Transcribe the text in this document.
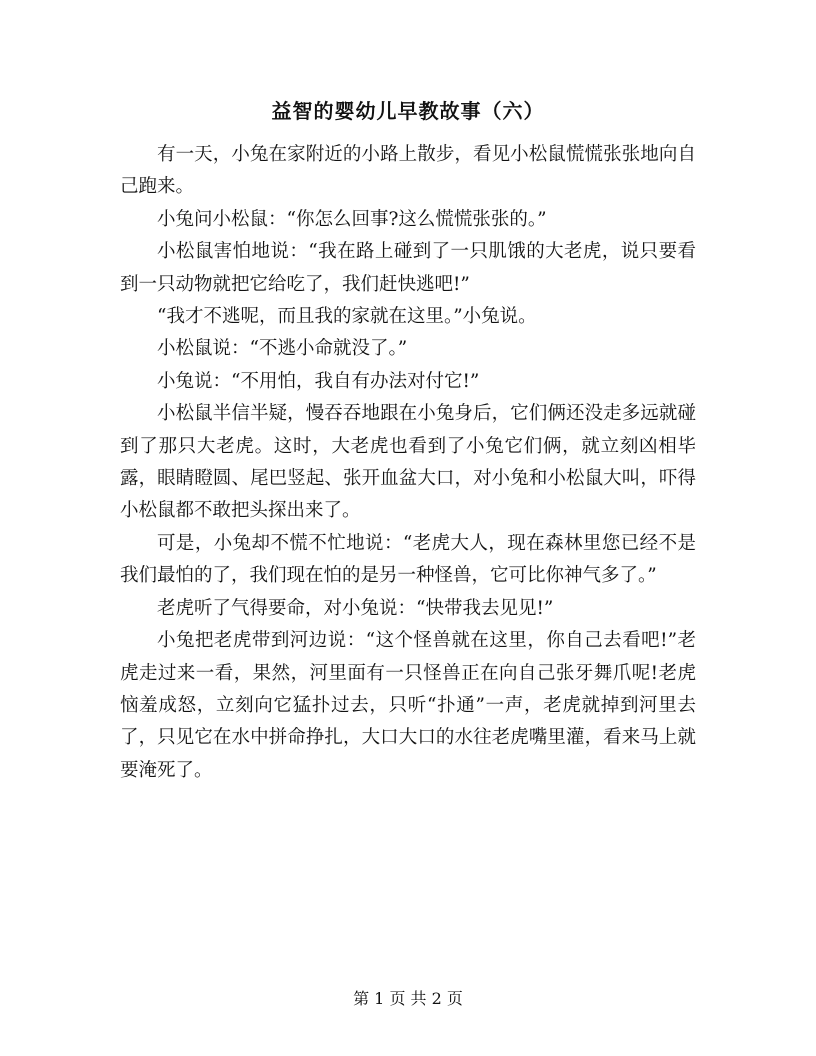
益智的婴幼儿早教故事（六）

有一天，小兔在家附近的小路上散步，看见小松鼠慌慌张张地向自己跑来。

小兔问小松鼠：“你怎么回事?这么慌慌张张的。”

小松鼠害怕地说：“我在路上碰到了一只肌饿的大老虎，说只要看到一只动物就把它给吃了，我们赶快逃吧!”

“我才不逃呢，而且我的家就在这里。”小兔说。

小松鼠说：“不逃小命就没了。”

小兔说：“不用怕，我自有办法对付它!”

小松鼠半信半疑，慢吞吞地跟在小兔身后，它们俩还没走多远就碰到了那只大老虎。这时，大老虎也看到了小兔它们俩，就立刻凶相毕露，眼睛瞪圆、尾巴竖起、张开血盆大口，对小兔和小松鼠大叫，吓得小松鼠都不敢把头探出来了。

可是，小兔却不慌不忙地说：“老虎大人，现在森林里您已经不是我们最怕的了，我们现在怕的是另一种怪兽，它可比你神气多了。”

老虎听了气得要命，对小兔说：“快带我去见见!”

小兔把老虎带到河边说：“这个怪兽就在这里，你自己去看吧!”老虎走过来一看，果然，河里面有一只怪兽正在向自己张牙舞爪呢!老虎恼羞成怒，立刻向它猛扑过去，只听“扑通”一声，老虎就掉到河里去了，只见它在水中拼命挣扎，大口大口的水往老虎嘴里灌，看来马上就要淹死了。

第 1 页 共 2 页
